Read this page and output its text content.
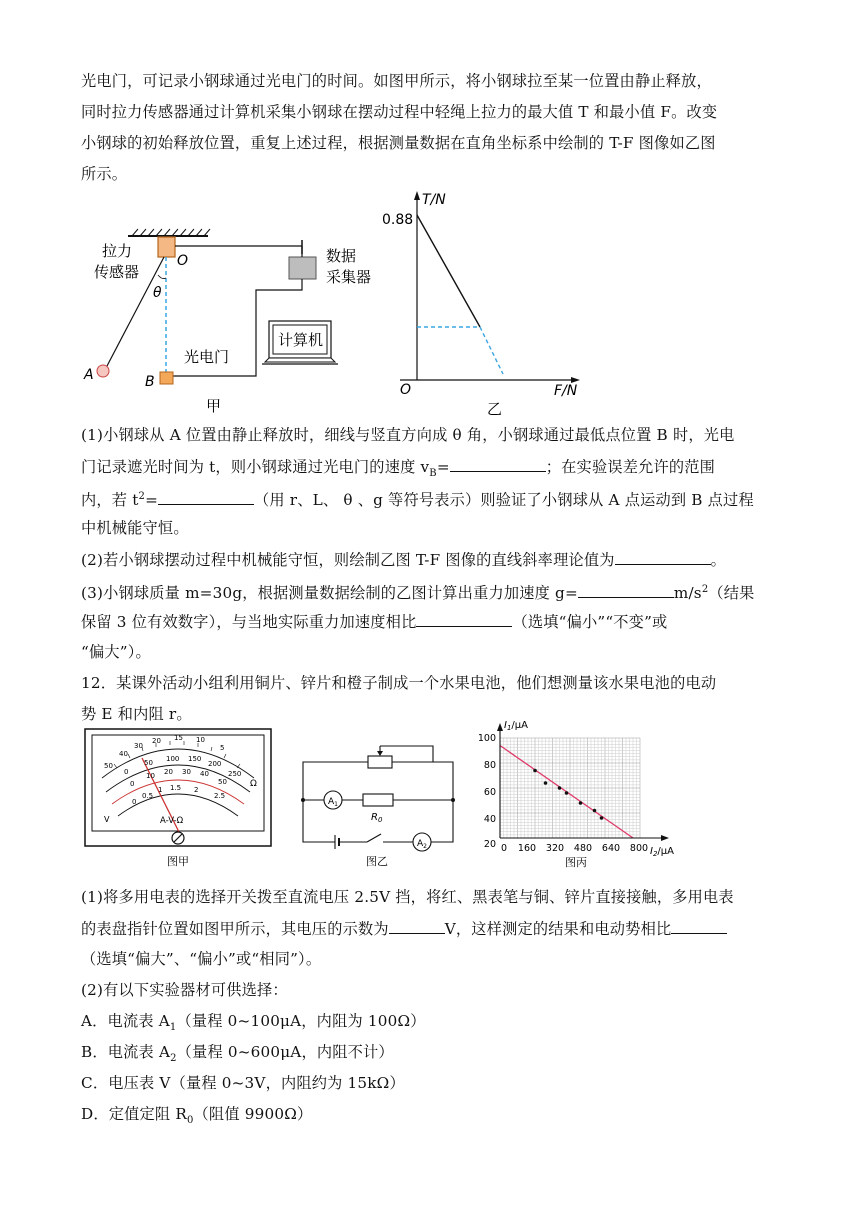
光电门，可记录小钢球通过光电门的时间。如图甲所示，将小钢球拉至某一位置由静止释放，
同时拉力传感器通过计算机采集小钢球在摆动过程中轻绳上拉力的最大值 T 和最小值 F。改变
小钢球的初始释放位置，重复上述过程，根据测量数据在直角坐标系中绘制的 T-F 图像如乙图
所示。
拉力
传感器
O
θ
数据
采集器
计算机
光电门
A	B
甲
T/N
0.88
O	F/N
乙
(1)小钢球从 A 位置由静止释放时，细线与竖直方向成 θ 角，小钢球通过最低点位置 B 时，光电
门记录遮光时间为 t，则小钢球通过光电门的速度 $v_B=$	；在实验误差允许的范围
内，若 $t^2=$	（用 r、L、 θ 、g 等符号表示）则验证了小钢球从 A 点运动到 B 点过程
中机械能守恒。
(2)若小钢球摆动过程中机械能守恒，则绘制乙图 T-F 图像的直线斜率理论值为	。
(3)小钢球质量 m=30g，根据测量数据绘制的乙图计算出重力加速度 g=	$m/s^2$（结果
保留 3 位有效数字），与当地实际重力加速度相比	（选填“偏小”“不变”或
“偏大”）。
12．某课外活动小组利用铜片、锌片和橙子制成一个水果电池，他们想测量该水果电池的电动
势 E 和内阻 r。
50
40
30
20 15 10
5
0
50 100 150
200
250
0
10 20 30 40
50
0
0.5
1 1.5 2
2.5
Ω
V	A-V-Ω
图甲
$A_1$
$R_0$
$A_2$
图乙
$I_1/\mu A$
$I_2/\mu A$
100
80
60
40
20 0 160 320 480 640 800
图丙
(1)将多用电表的选择开关拨至直流电压 2.5V 挡，将红、黑表笔与铜、锌片直接接触，多用电表
的表盘指针位置如图甲所示，其电压的示数为	V，这样测定的结果和电动势相比
（选填“偏大”、“偏小”或“相同”）。
(2)有以下实验器材可供选择：
A．电流表 $A_1$（量程 0~100μA，内阻为 100Ω）
B．电流表 $A_2$（量程 0~600μA，内阻不计）
C．电压表 V（量程 0~3V，内阻约为 15kΩ）
D．定值定阻 $R_0$（阻值 9900Ω）
